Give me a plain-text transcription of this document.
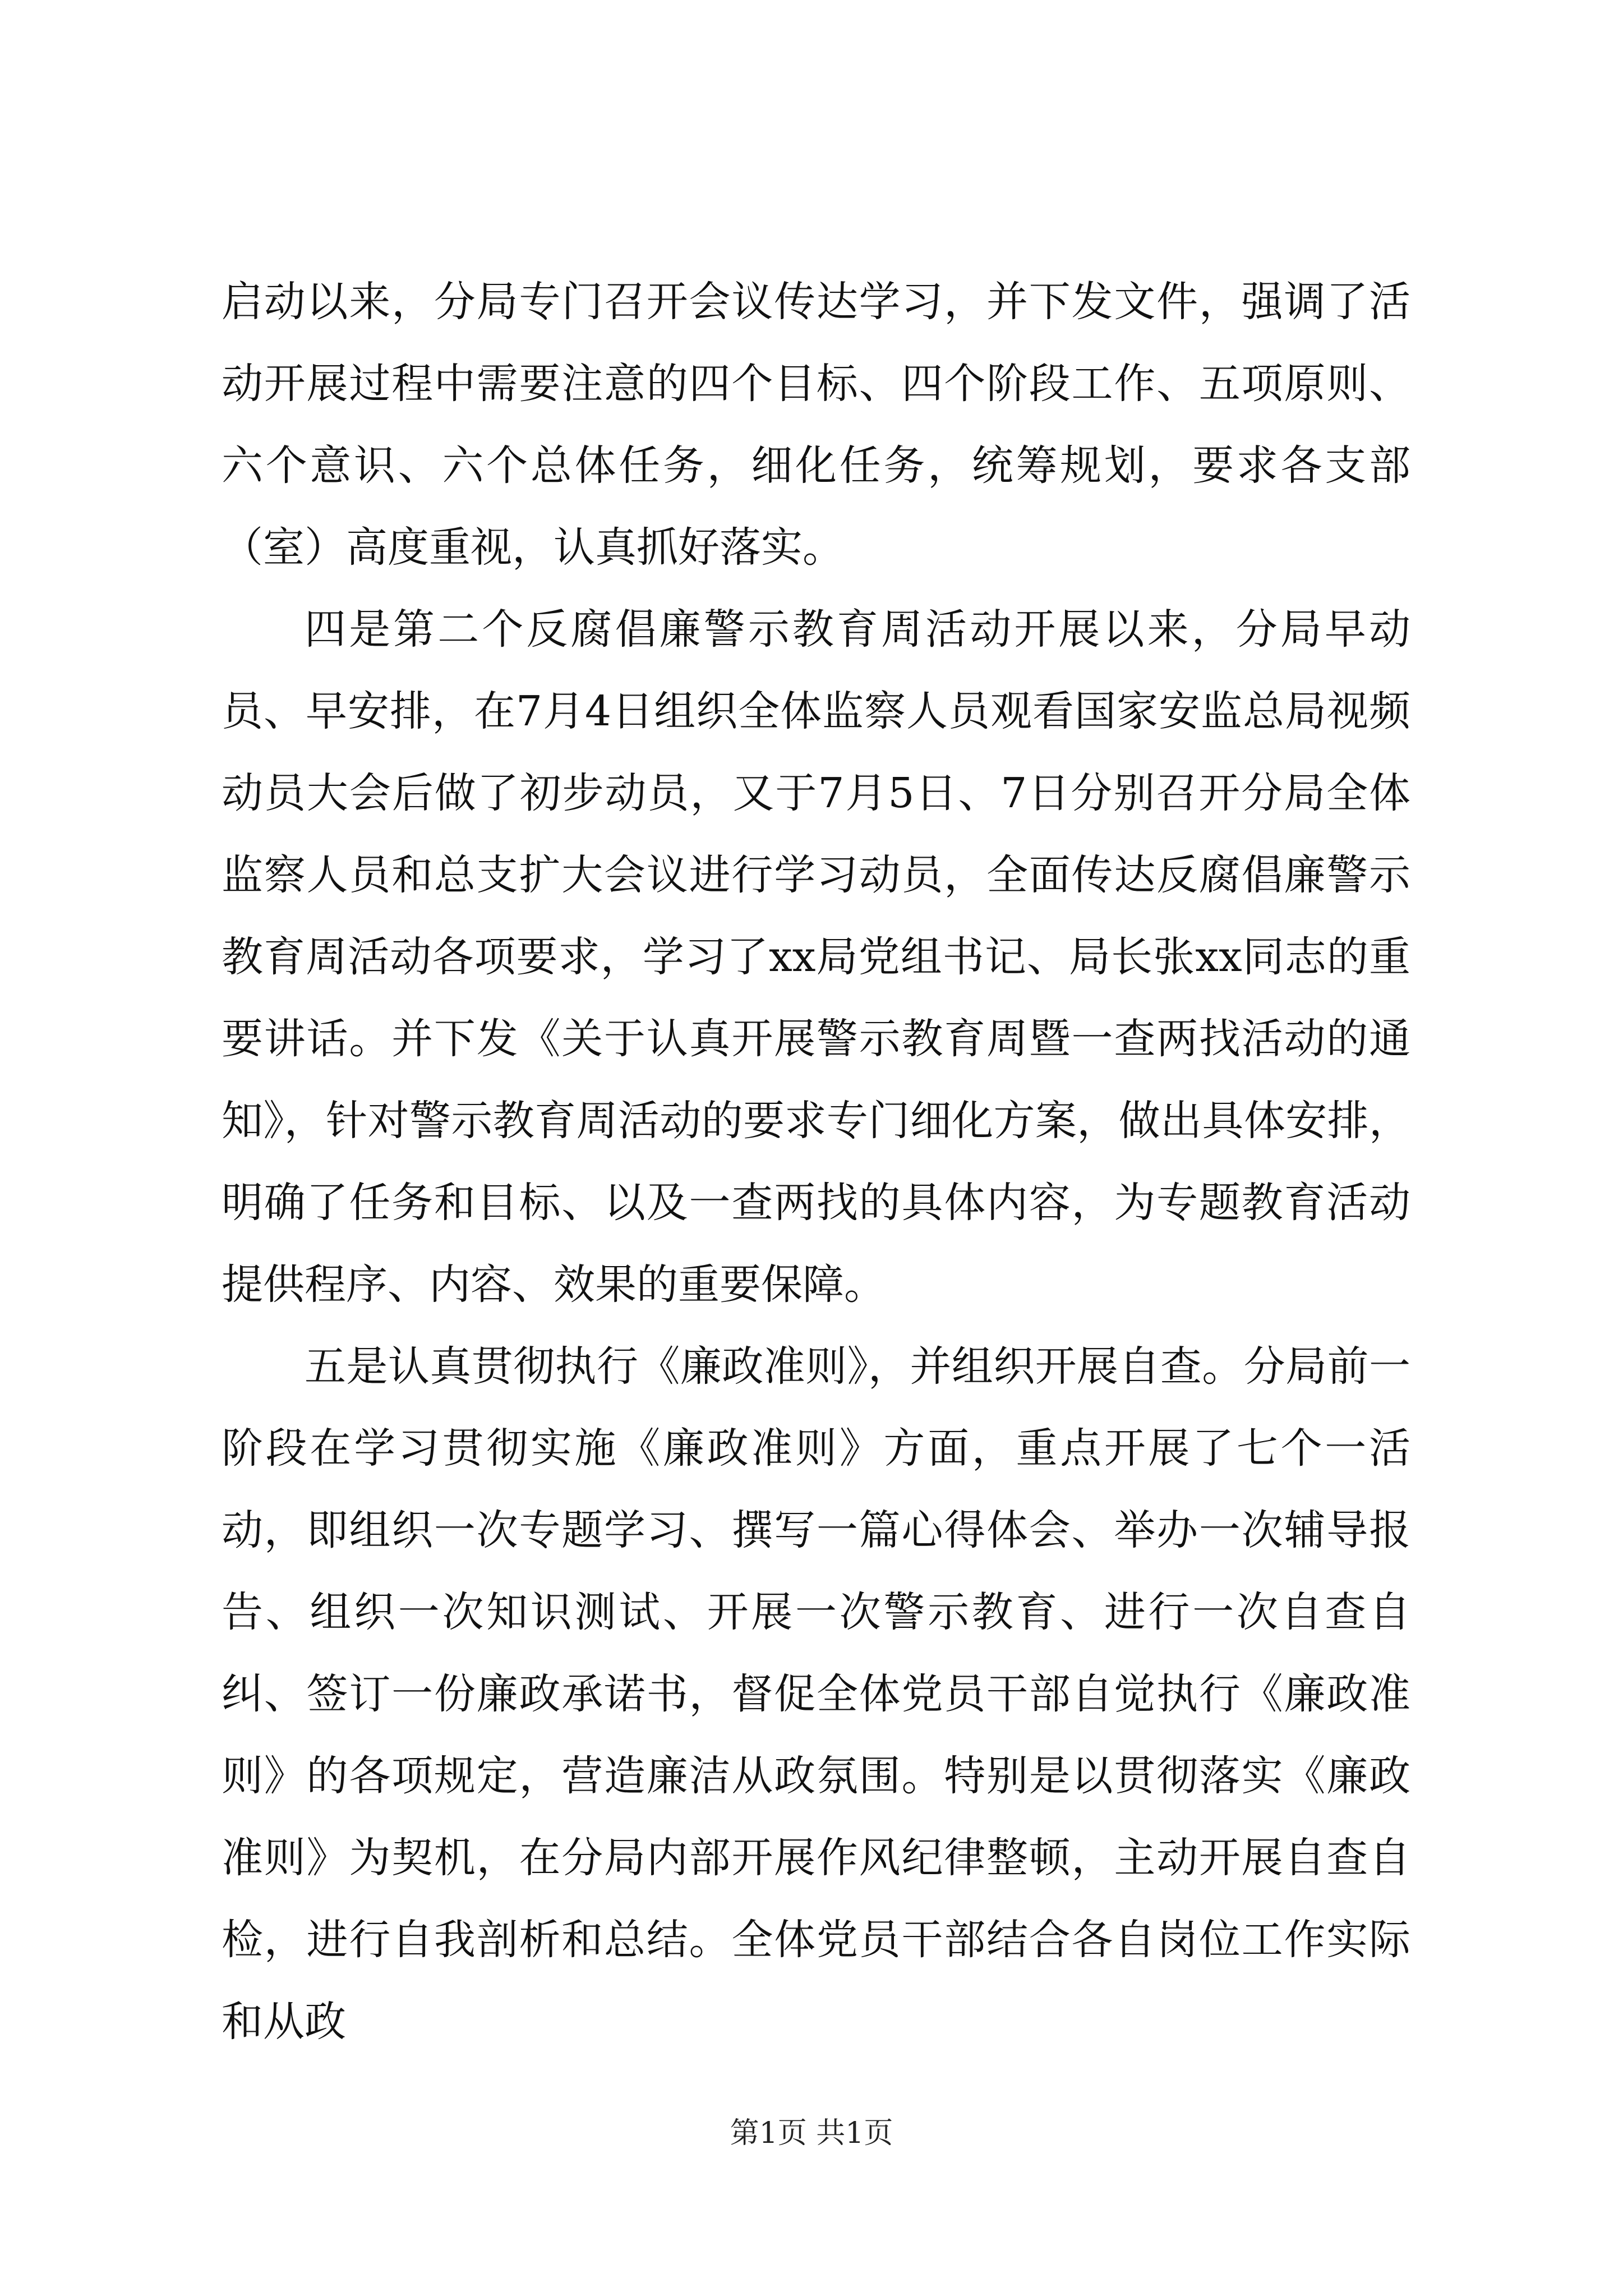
启动以来，分局专门召开会议传达学习，并下发文件，强调了活动开展过程中需要注意的四个目标、四个阶段工作、五项原则、六个意识、六个总体任务，细化任务，统筹规划，要求各支部（室）高度重视，认真抓好落实。

四是第二个反腐倡廉警示教育周活动开展以来，分局早动员、早安排，在7月4日组织全体监察人员观看国家安监总局视频动员大会后做了初步动员，又于7月5日、7日分别召开分局全体监察人员和总支扩大会议进行学习动员，全面传达反腐倡廉警示教育周活动各项要求，学习了xx局党组书记、局长张xx同志的重要讲话。并下发《关于认真开展警示教育周暨一查两找活动的通知》，针对警示教育周活动的要求专门细化方案，做出具体安排，明确了任务和目标、以及一查两找的具体内容，为专题教育活动提供程序、内容、效果的重要保障。

五是认真贯彻执行《廉政准则》，并组织开展自查。分局前一阶段在学习贯彻实施《廉政准则》方面，重点开展了七个一活动，即组织一次专题学习、撰写一篇心得体会、举办一次辅导报告、组织一次知识测试、开展一次警示教育、进行一次自查自纠、签订一份廉政承诺书，督促全体党员干部自觉执行《廉政准则》的各项规定，营造廉洁从政氛围。特别是以贯彻落实《廉政准则》为契机，在分局内部开展作风纪律整顿，主动开展自查自检，进行自我剖析和总结。全体党员干部结合各自岗位工作实际和从政

第1页 共1页
